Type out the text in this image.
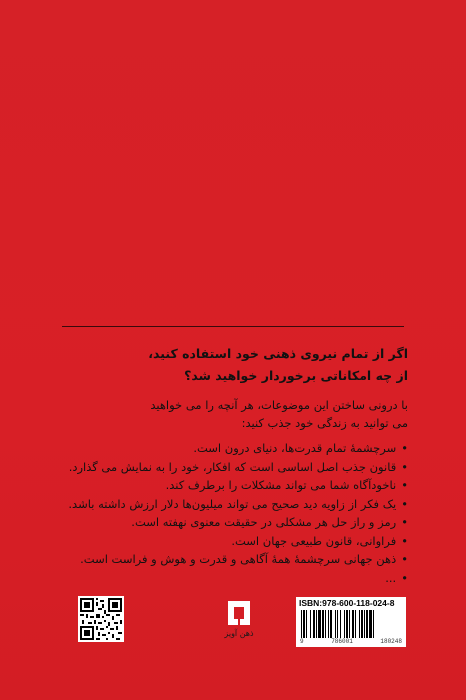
اگر از تمام نیروی ذهنی خود استفاده کنید،
از چه امکاناتی برخوردار خواهید شد؟
با درونی ساختن این موضوعات، هر آنچه را می خواهید
می توانید به زندگی خود جذب کنید:
•سرچشمهٔ تمام قدرت‌ها، دنیای درون است.
•قانون جذب اصل اساسی است که افکار، خود را به نمایش می گذارد.
•ناخودآگاه شما می تواند مشکلات را برطرف کند.
•یک فکر از زاویه دید صحیح می تواند میلیون‌ها دلار ارزش داشته باشد.
•رمز و راز حل هر مشکلی در حقیقت معنوی نهفته است.
•فراوانی، قانون طبیعی جهان است.
•ذهن جهانی سرچشمهٔ همهٔ آگاهی و قدرت و هوش و فراست است.
•...
ذهن آویز
ISBN:978-600-118-024-8
9	786001	180248
